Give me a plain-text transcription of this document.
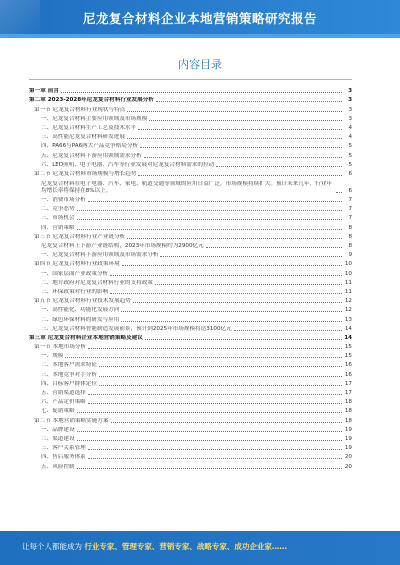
尼龙复合材料企业本地营销策略研究报告
内容目录
第一章 前言	3
第二章 2023-2028年尼龙复合材料行业发展分析	3
第一节 尼龙复合材料行业现状与特点	3
一、尼龙复合材料主要应用领域及市场规模	3
二、尼龙复合材料生产工艺及技术水平	4
三、高性能尼龙复合材料研发进展	4
四、PA66与PA6两大产品竞争格局分析	5
五、尼龙复合材料下游应用领域需求分析	5
六、LED照明、电子电器、汽车等行业发展对尼龙复合材料需求的拉动	5
第二节 尼龙复合材料市场规模与增长趋势	6
尼龙复合材料在电子电器、汽车、家电、轨道交通等领域的应用日益广泛，市场规模持续扩大。预计未来几年，行业年均增长率将保持在8%以上。	6
一、消费市场分析	7
二、竞争态势	7
三、市场机会	7
四、营销策略	8
第三节 尼龙复合材料行业产业链分析	8
尼龙复合材料上下游产业链结构，2023年市场规模约为2900亿元	8
一、尼龙复合材料下游应用领域及市场需求分析	9
第四节 尼龙复合材料行业政策环境	10
一、国家层面产业政策分析	10
二、地方政府对尼龙复合材料行业的支持政策	11
三、环保政策对行业的影响	11
第五节 尼龙复合材料行业技术发展趋势	12
一、高性能化、功能化发展方向	12
二、绿色环保材料的研发与应用	13
三、尼龙复合材料智能制造发展前景，预计到2025年市场规模将达3100亿元	14
第三章 尼龙复合材料企业本地营销策略及建议	14
第一节 本地市场分析	15
一、规模	15
二、本地客户需求特征	16
三、本地竞争对手分析	16
四、目标客户群体定位	17
五、营销渠道选择	17
六、产品定价策略	18
七、促销策略	18
第二节 本地营销策略实施方案	18
一、品牌建设	19
二、渠道建设	19
三、客户关系管理	19
四、售后服务体系	20
五、风险控制	20
让每个人都能成为 行业专家、管理专家、营销专家、战略专家、成功企业家……
